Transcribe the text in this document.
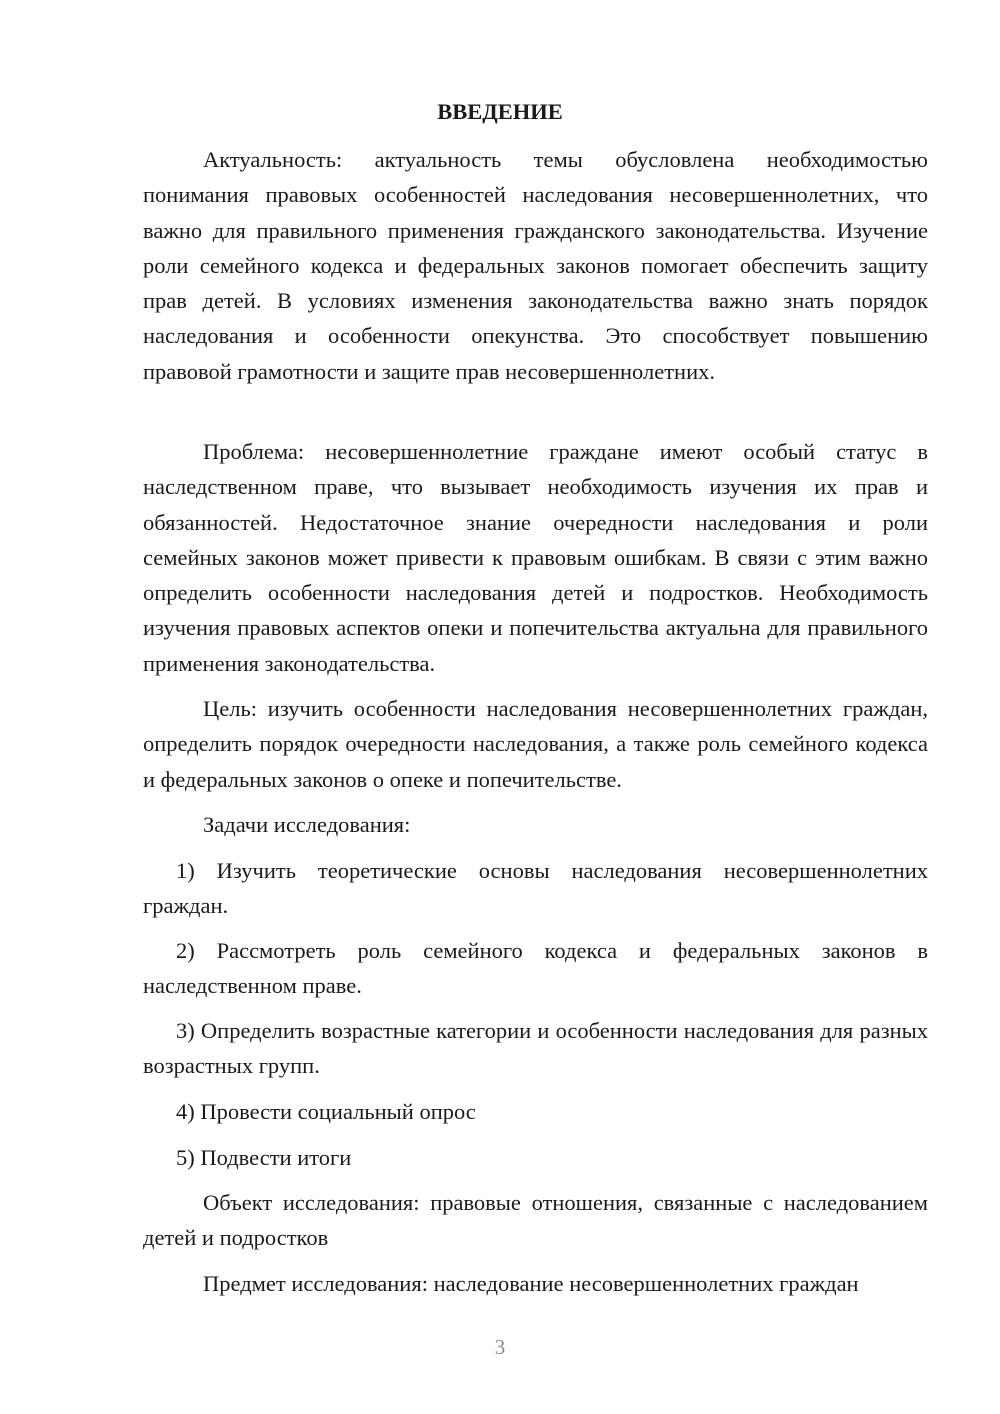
ВВЕДЕНИЕ

Актуальность: актуальность темы обусловлена необходимостью понимания правовых особенностей наследования несовершеннолетних, что важно для правильного применения гражданского законодательства. Изучение роли семейного кодекса и федеральных законов помогает обеспечить защиту прав детей. В условиях изменения законодательства важно знать порядок наследования и особенности опекунства. Это способствует повышению правовой грамотности и защите прав несовершеннолетних.

Проблема: несовершеннолетние граждане имеют особый статус в наследственном праве, что вызывает необходимость изучения их прав и обязанностей. Недостаточное знание очередности наследования и роли семейных законов может привести к правовым ошибкам. В связи с этим важно определить особенности наследования детей и подростков. Необходимость изучения правовых аспектов опеки и попечительства актуальна для правильного применения законодательства.

Цель: изучить особенности наследования несовершеннолетних граждан, определить порядок очередности наследования, а также роль семейного кодекса и федеральных законов о опеке и попечительстве.

Задачи исследования:

1) Изучить теоретические основы наследования несовершеннолетних граждан.

2) Рассмотреть роль семейного кодекса и федеральных законов в наследственном праве.

3) Определить возрастные категории и особенности наследования для разных возрастных групп.

4) Провести социальный опрос

5) Подвести итоги

Объект исследования: правовые отношения, связанные с наследованием детей и подростков

Предмет исследования: наследование несовершеннолетних граждан

3
